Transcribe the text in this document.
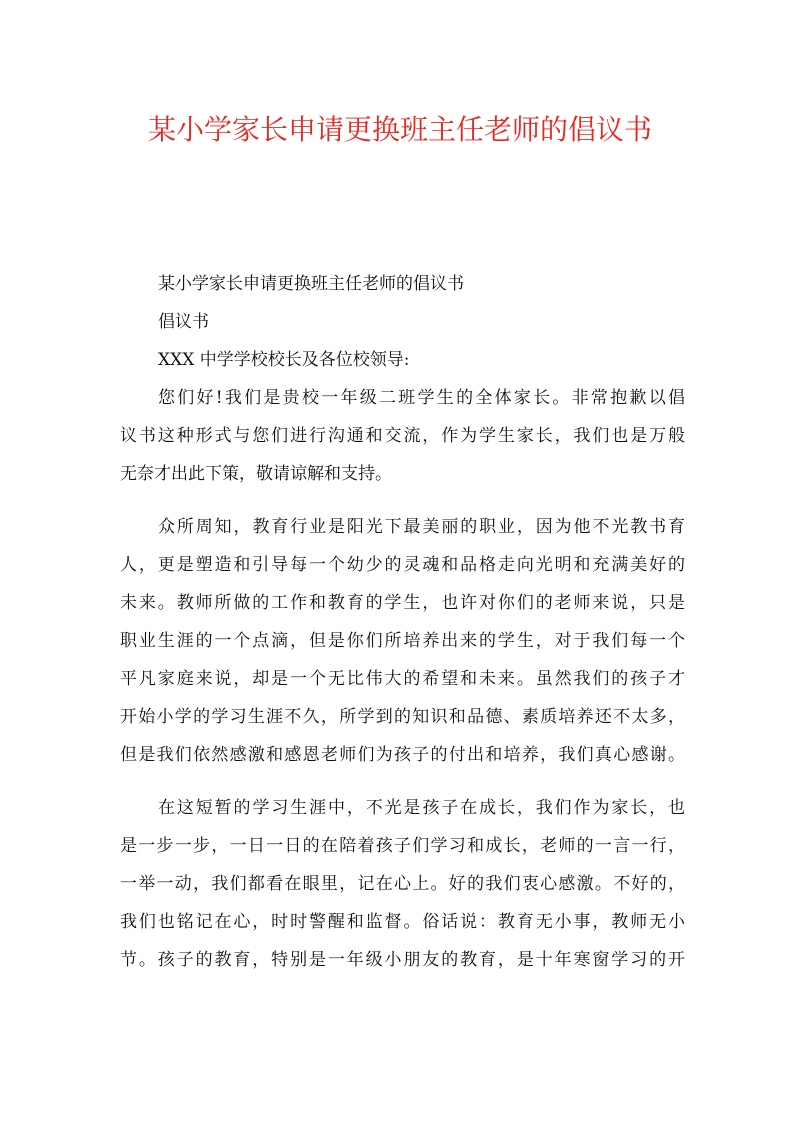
某小学家长申请更换班主任老师的倡议书
某小学家长申请更换班主任老师的倡议书
倡议书
XXX 中学学校校长及各位校领导:
您们好!我们是贵校一年级二班学生的全体家长。非常抱歉以倡
议书这种形式与您们进行沟通和交流，作为学生家长，我们也是万般
无奈才出此下策，敬请谅解和支持。
众所周知，教育行业是阳光下最美丽的职业，因为他不光教书育
人，更是塑造和引导每一个幼少的灵魂和品格走向光明和充满美好的
未来。教师所做的工作和教育的学生，也许对你们的老师来说，只是
职业生涯的一个点滴，但是你们所培养出来的学生，对于我们每一个
平凡家庭来说，却是一个无比伟大的希望和未来。虽然我们的孩子才
开始小学的学习生涯不久，所学到的知识和品德、素质培养还不太多，
但是我们依然感激和感恩老师们为孩子的付出和培养，我们真心感谢。
在这短暂的学习生涯中，不光是孩子在成长，我们作为家长，也
是一步一步，一日一日的在陪着孩子们学习和成长，老师的一言一行，
一举一动，我们都看在眼里，记在心上。好的我们衷心感激。不好的，
我们也铭记在心，时时警醒和监督。俗话说：教育无小事，教师无小
节。孩子的教育，特别是一年级小朋友的教育，是十年寒窗学习的开
